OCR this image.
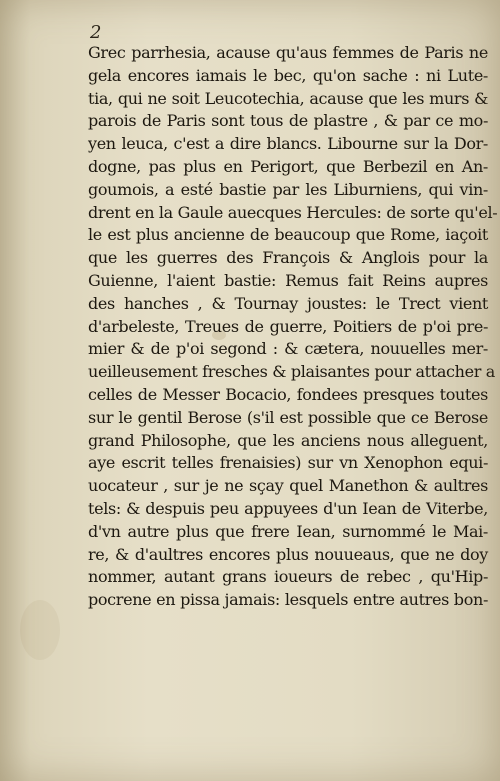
2
Grec parrhesia, acause qu'aus femmes de Paris ne
gela encores iamais le bec, qu'on sache : ni Lute-
tia, qui ne soit Leucotechia, acause que les murs &
parois de Paris sont tous de plastre , & par ce mo-
yen leuca, c'est a dire blancs. Libourne sur la Dor-
dogne, pas plus en Perigort, que Berbezil en An-
goumois, a esté bastie par les Liburniens, qui vin-
drent en la Gaule auecques Hercules: de sorte qu'el-
le est plus ancienne de beaucoup que Rome, iaçoit
que les guerres des François & Anglois pour la
Guienne, l'aient bastie: Remus fait Reins aupres
des hanches , & Tournay joustes: le Trect vient
d'arbeleste, Treues de guerre, Poitiers de p'oi pre-
mier & de p'oi segond : & cætera, nouuelles mer-
ueilleusement fresches & plaisantes pour attacher a
celles de Messer Bocacio, fondees presques toutes
sur le gentil Berose (s'il est possible que ce Berose
grand Philosophe, que les anciens nous alleguent,
aye escrit telles frenaisies) sur vn Xenophon equi-
uocateur , sur je ne sçay quel Manethon & aultres
tels: & despuis peu appuyees d'un Iean de Viterbe,
d'vn autre plus que frere Iean, surnommé le Mai-
re, & d'aultres encores plus nouueaus, que ne doy
nommer, autant grans ioueurs de rebec , qu'Hip-
pocrene en pissa jamais: lesquels entre autres bon-
